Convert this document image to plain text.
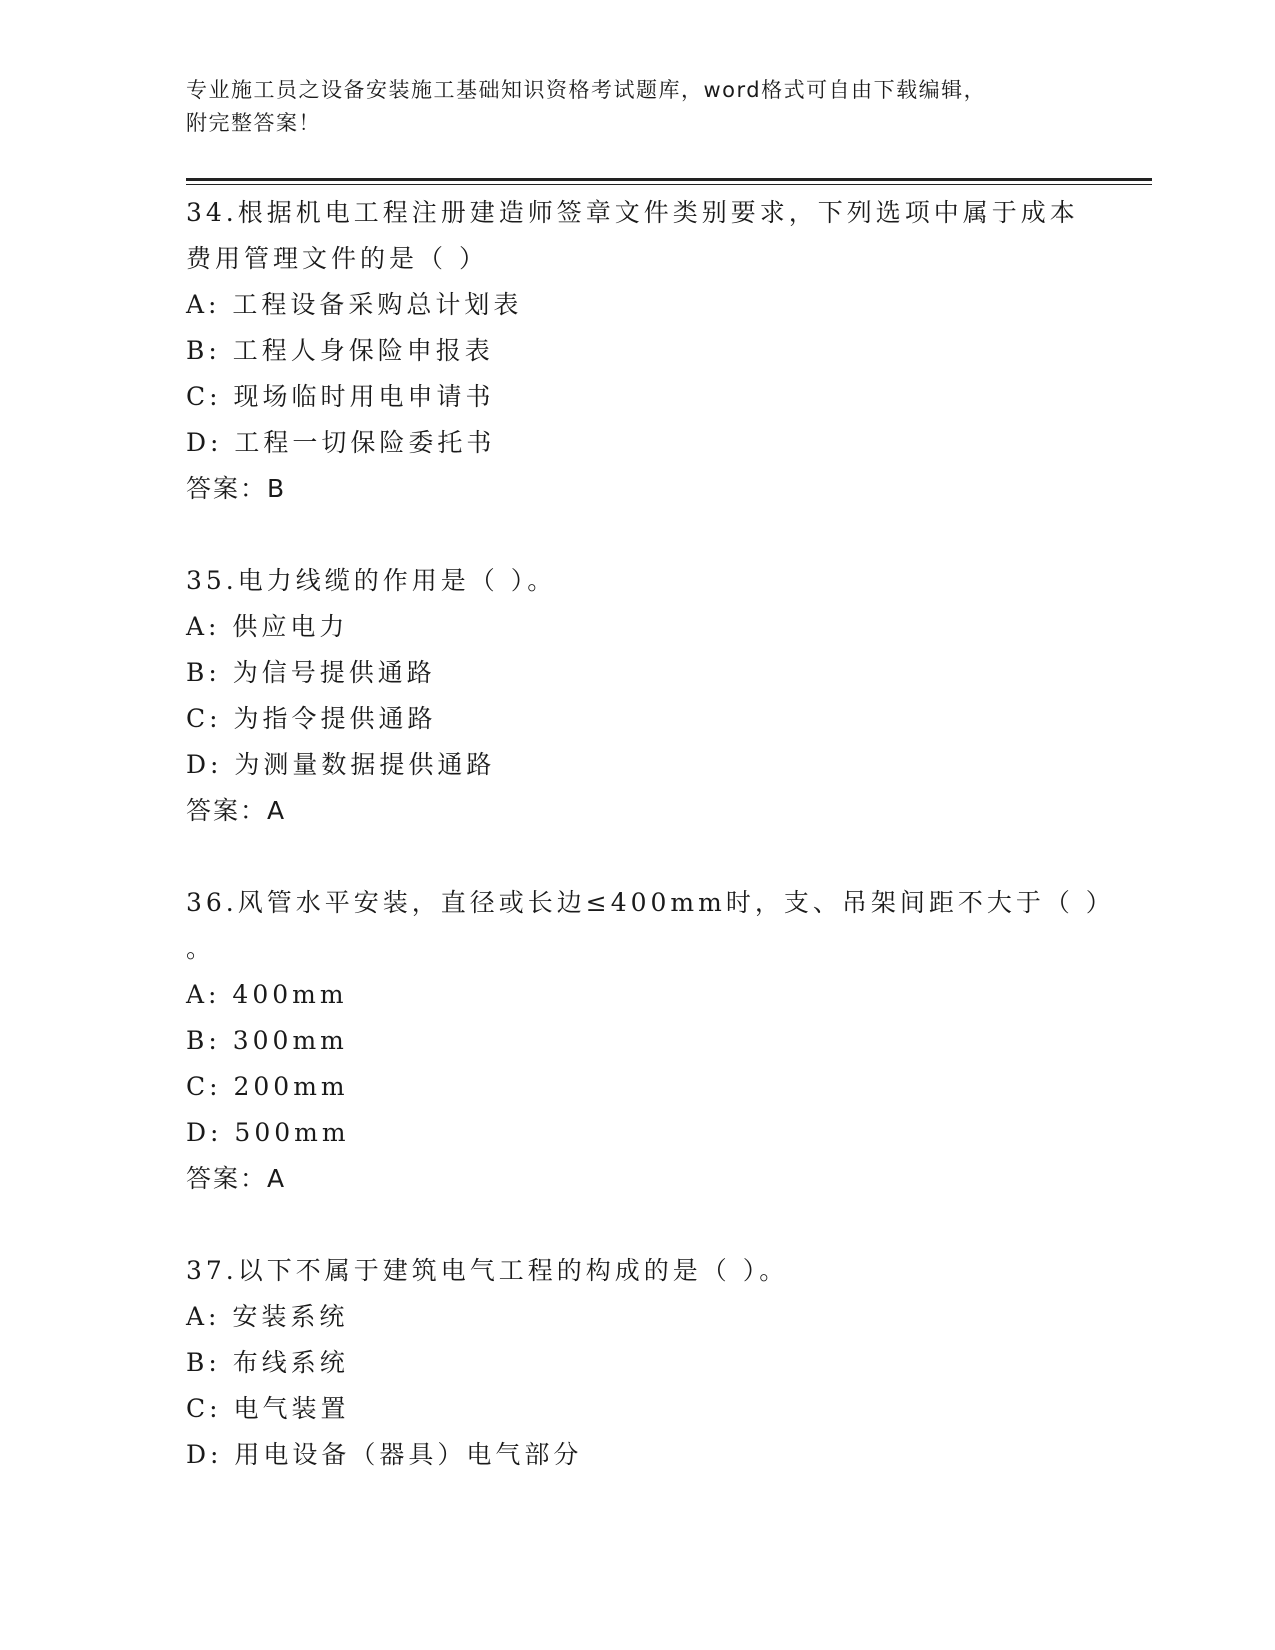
专业施工员之设备安装施工基础知识资格考试题库，word格式可自由下载编辑，
附完整答案！
34.根据机电工程注册建造师签章文件类别要求，下列选项中属于成本
费用管理文件的是（ ）
A: 工程设备采购总计划表
B: 工程人身保险申报表
C: 现场临时用电申请书
D: 工程一切保险委托书
答案：B
35.电力线缆的作用是（ ）。
A: 供应电力
B: 为信号提供通路
C: 为指令提供通路
D: 为测量数据提供通路
答案：A
36.风管水平安装，直径或长边≤400mm时，支、吊架间距不大于（ ）
。
A: 400mm
B: 300mm
C: 200mm
D: 500mm
答案：A
37.以下不属于建筑电气工程的构成的是（ ）。
A: 安装系统
B: 布线系统
C: 电气装置
D: 用电设备（器具）电气部分
